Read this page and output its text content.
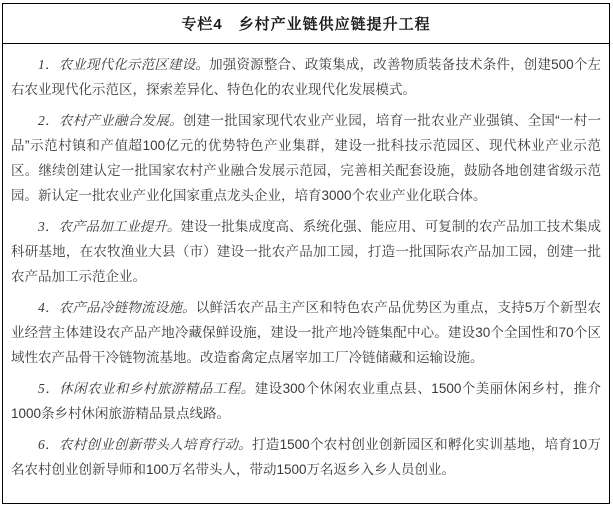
专栏4　乡村产业链供应链提升工程

1．农业现代化示范区建设。加强资源整合、政策集成，改善物质装备技术条件，创建500个左右农业现代化示范区，探索差异化、特色化的农业现代化发展模式。

2．农村产业融合发展。创建一批国家现代农业产业园，培育一批农业产业强镇、全国“一村一品”示范村镇和产值超100亿元的优势特色产业集群，建设一批科技示范园区、现代林业产业示范区。继续创建认定一批国家农村产业融合发展示范园，完善相关配套设施，鼓励各地创建省级示范园。新认定一批农业产业化国家重点龙头企业，培育3000个农业产业化联合体。

3．农产品加工业提升。建设一批集成度高、系统化强、能应用、可复制的农产品加工技术集成科研基地，在农牧渔业大县（市）建设一批农产品加工园，打造一批国际农产品加工园，创建一批农产品加工示范企业。

4．农产品冷链物流设施。以鲜活农产品主产区和特色农产品优势区为重点，支持5万个新型农业经营主体建设农产品产地冷藏保鲜设施，建设一批产地冷链集配中心。建设30个全国性和70个区域性农产品骨干冷链物流基地。改造畜禽定点屠宰加工厂冷链储藏和运输设施。

5．休闲农业和乡村旅游精品工程。建设300个休闲农业重点县、1500个美丽休闲乡村，推介1000条乡村休闲旅游精品景点线路。

6．农村创业创新带头人培育行动。打造1500个农村创业创新园区和孵化实训基地，培育10万名农村创业创新导师和100万名带头人，带动1500万名返乡入乡人员创业。
